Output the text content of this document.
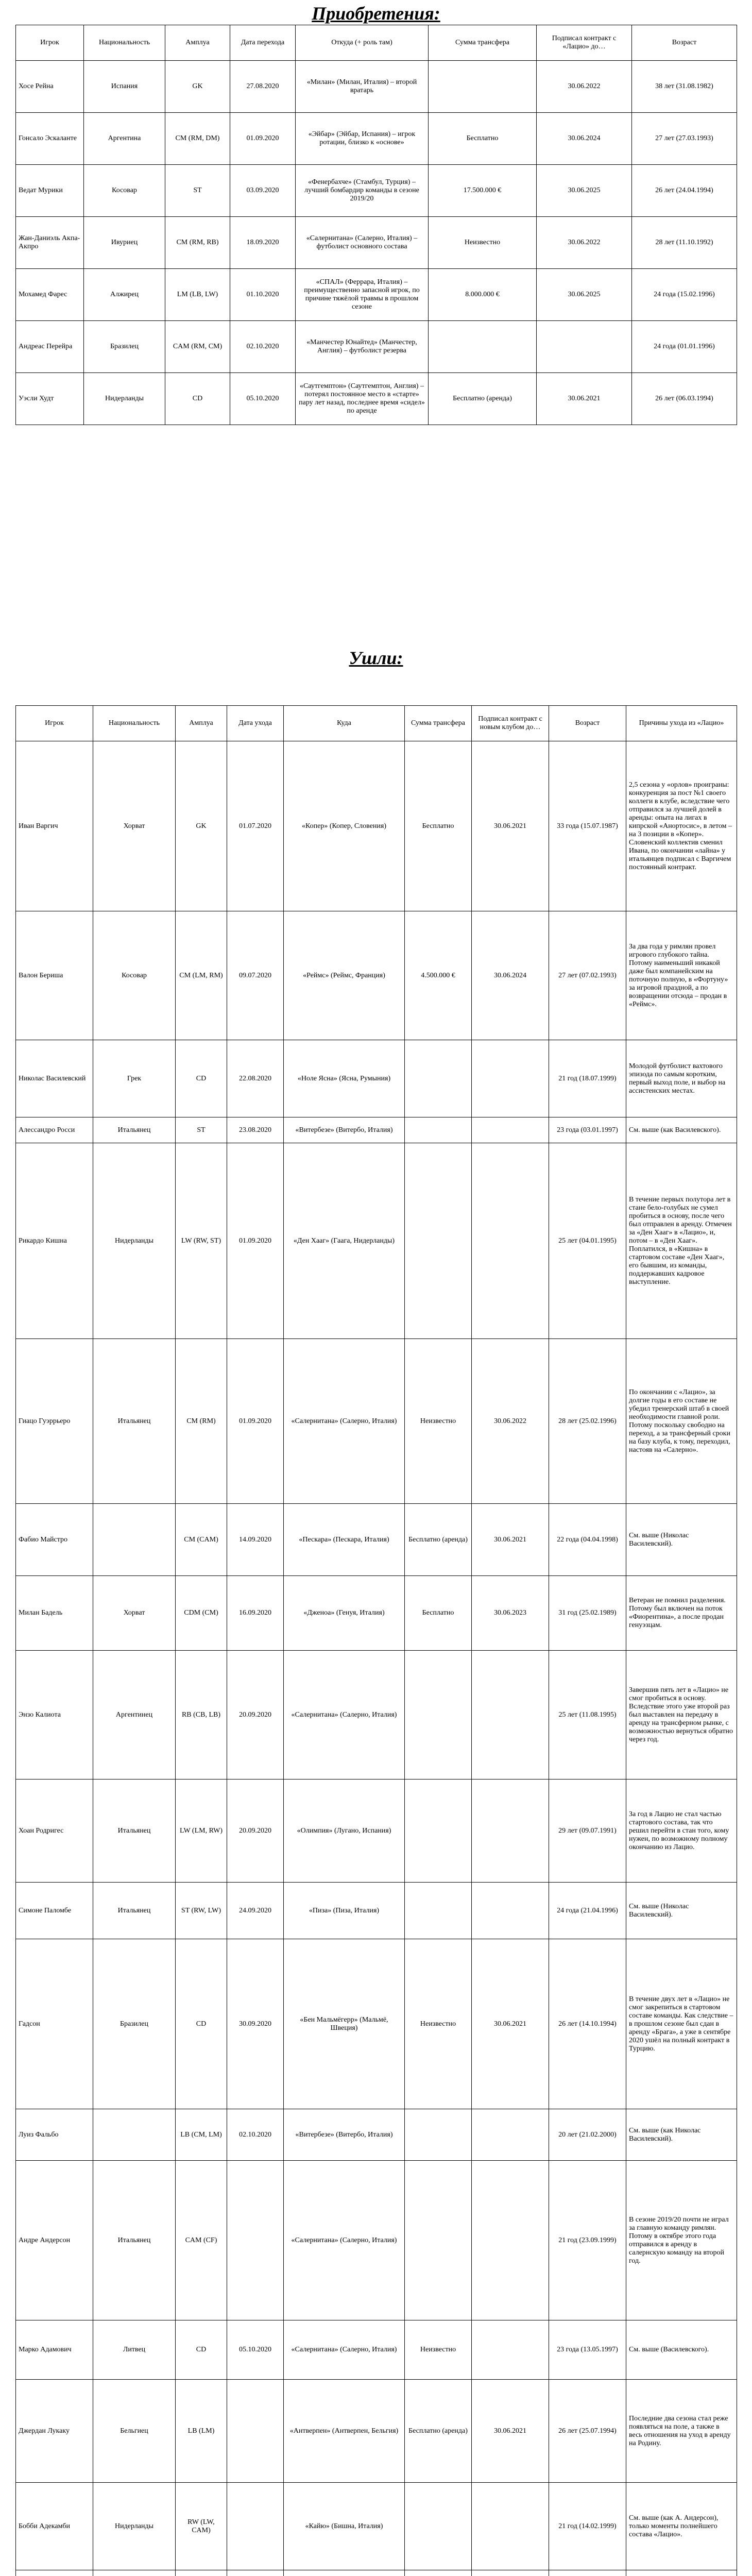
Приобретения:
Игрок	Национальность	Амплуа	Дата перехода	Откуда (+ роль там)	Сумма трансфера	Подписал контракт с «Лацио» до…	Возраст
Хосе Рейна	Испания	GK	27.08.2020	«Милан» (Милан, Италия) – второй вратарь		30.06.2022	38 лет (31.08.1982)
Гонсало Эскаланте	Аргентина	CM (RM, DM)	01.09.2020	«Эйбар» (Эйбар, Испания) – игрок ротации, близко к «основе»	Бесплатно	30.06.2024	27 лет (27.03.1993)
Ведат Мурики	Косовар	ST	03.09.2020	«Фенербахче» (Стамбул, Турция) – лучший бомбардир команды в сезоне 2019/20	17.500.000 €	30.06.2025	26 лет (24.04.1994)
Жан-Даниэль Акпа-Акпро	Ивуриец	CM (RM, RB)	18.09.2020	«Салернитана» (Салерно, Италия) – футболист основного состава	Неизвестно	30.06.2022	28 лет (11.10.1992)
Мохамед Фарес	Алжирец	LM (LB, LW)	01.10.2020	«СПАЛ» (Феррара, Италия) – преимущественно запасной игрок, по причине тяжёлой травмы в прошлом сезоне	8.000.000 €	30.06.2025	24 года (15.02.1996)
Андреас Перейра	Бразилец	CAM (RM, CM)	02.10.2020	«Манчестер Юнайтед» (Манчестер, Англия) – футболист резерва			24 года (01.01.1996)
Уэсли Худт	Нидерланды	CD	05.10.2020	«Саутгемптон» (Саутгемптон, Англия) – потерял постоянное место в «старте» пару лет назад, последнее время «сидел» по аренде	Бесплатно (аренда)	30.06.2021	26 лет (06.03.1994)
Ушли:
Игрок	Национальность	Амплуа	Дата ухода	Куда	Сумма трансфера	Подписал контракт с новым клубом до…	Возраст	Причины ухода из «Лацио»
Иван Варгич	Хорват	GK	01.07.2020	«Копер» (Копер, Словения)	Бесплатно	30.06.2021	33 года (15.07.1987)	2,5 сезона у «орлов» проиграны: конкуренция за пост №1 своего коллеги в клубе, вследствие чего отправился за лучшей долей в аренды: опыта на лигах в кипрской «Анортосис», в летом – на 3 позиции в «Копер». Словенский коллектив сменил Ивана, по окончании «лайна» у итальянцев подписал с Варгичем постоянный контракт.
Валон Бериша	Косовар	CM (LM, RM)	09.07.2020	«Реймс» (Реймс, Франция)	4.500.000 €	30.06.2024	27 лет (07.02.1993)	За два года у римлян провел игрового глубокого тайна. Потому наименьший никакой даже был компанейским на поточную полную, в «Фортуну» за игровой праздной, а по возвращении отсюда – продан в «Реймс».
Николас Василевский	Грек	CD	22.08.2020	«Ноле Ясна» (Ясна, Румыния)			21 год (18.07.1999)	Молодой футболист вахтового эпизода по самым коротким, первый выход поле, и выбор на ассистенских местах.
Алессандро Росси	Итальянец	ST	23.08.2020	«Витербезе» (Витербо, Италия)			23 года (03.01.1997)	См. выше (как Василевского).
Рикардо Кишна	Нидерланды	LW (RW, ST)	01.09.2020	«Ден Хааг» (Гаага, Нидерланды)			25 лет (04.01.1995)	В течение первых полутора лет в стане бело-голубых не сумел пробиться в основу, после чего был отправлен в аренду. Отмечен за «Ден Хааг» в «Лацио», и, потом – в «Ден Хааг». Поплатился, в «Кишна» в стартовом составе «Ден Хааг», его бывшим, из команды, поддержавших кадровое выступление.
Гиацо Гуэррьеро	Итальянец	CM (RM)	01.09.2020	«Салернитана» (Салерно, Италия)	Неизвестно	30.06.2022	28 лет (25.02.1996)	По окончании с «Лацио», за долгие годы в его составе не убедил тренерский штаб в своей необходимости главной роли. Потому поскольку свободно на переход, а за трансферный сроки на базу клуба, к тому, переходил, настояв на «Салерно».
Фабио Майстро		CM (CAM)	14.09.2020	«Пескара» (Пескара, Италия)	Бесплатно (аренда)	30.06.2021	22 года (04.04.1998)	См. выше (Николас Василевский).
Милан Бадель	Хорват	CDM (CM)	16.09.2020	«Дженоа» (Генуя, Италия)	Бесплатно	30.06.2023	31 год (25.02.1989)	Ветеран не помнил разделения. Потому был включен на поток «Фиорентина», а после продан генуэзцам.
Энзо Калиота	Аргентинец	RB (CB, LB)	20.09.2020	«Салернитана» (Салерно, Италия)			25 лет (11.08.1995)	Завершив пять лет в «Лацио» не смог пробиться в основу. Вследствие этого уже второй раз был выставлен на передачу в аренду на трансферном рынке, с возможностью вернуться обратно через год.
Хоан Родригес	Итальянец	LW (LM, RW)	20.09.2020	«Олимпия» (Лугано, Испания)			29 лет (09.07.1991)	За год в Лацио не стал частью стартового состава, так что решил перейти в стан того, кому нужен, по возможному полному окончанию из Лацио.
Симоне Паломбе	Итальянец	ST (RW, LW)	24.09.2020	«Пиза» (Пиза, Италия)			24 года (21.04.1996)	См. выше (Николас Василевский).
Гадсон	Бразилец	CD	30.09.2020	«Бен Мальмёгерр» (Мальмё, Швеция)	Неизвестно	30.06.2021	26 лет (14.10.1994)	В течение двух лет в «Лацио» не смог закрепиться в стартовом составе команды. Как следствие – в прошлом сезоне был сдан в аренду «Брага», а уже в сентябре 2020 ушёл на полный контракт в Турцию.
Луиз Фальбо		LB (CM, LM)	02.10.2020	«Витербезе» (Витербо, Италия)			20 лет (21.02.2000)	См. выше (как Николас Василевский).
Андре Андерсон	Итальянец	CAM (CF)		«Салернитана» (Салерно, Италия)			21 год (23.09.1999)	В сезоне 2019/20 почти не играл за главную команду римлян. Потому в октябре этого года отправился в аренду в салернскую команду на второй год.
Марко Адамович	Литвец	CD	05.10.2020	«Салернитана» (Салерно, Италия)	Неизвестно		23 года (13.05.1997)	См. выше (Василевского).
Джердан Лукаку	Бельгиец	LB (LM)		«Антверпен» (Антверпен, Бельгия)	Бесплатно (аренда)	30.06.2021	26 лет (25.07.1994)	Последние два сезона стал реже появляться на поле, а также в весь отношения на уход в аренду на Родину.
Бобби Адекамби	Нидерланды	RW (LW, CAM)		«Кайю» (Бишна, Италия)			21 год (14.02.1999)	См. выше (как А. Андерсон), только моменты полнейшего состава «Лацио».
